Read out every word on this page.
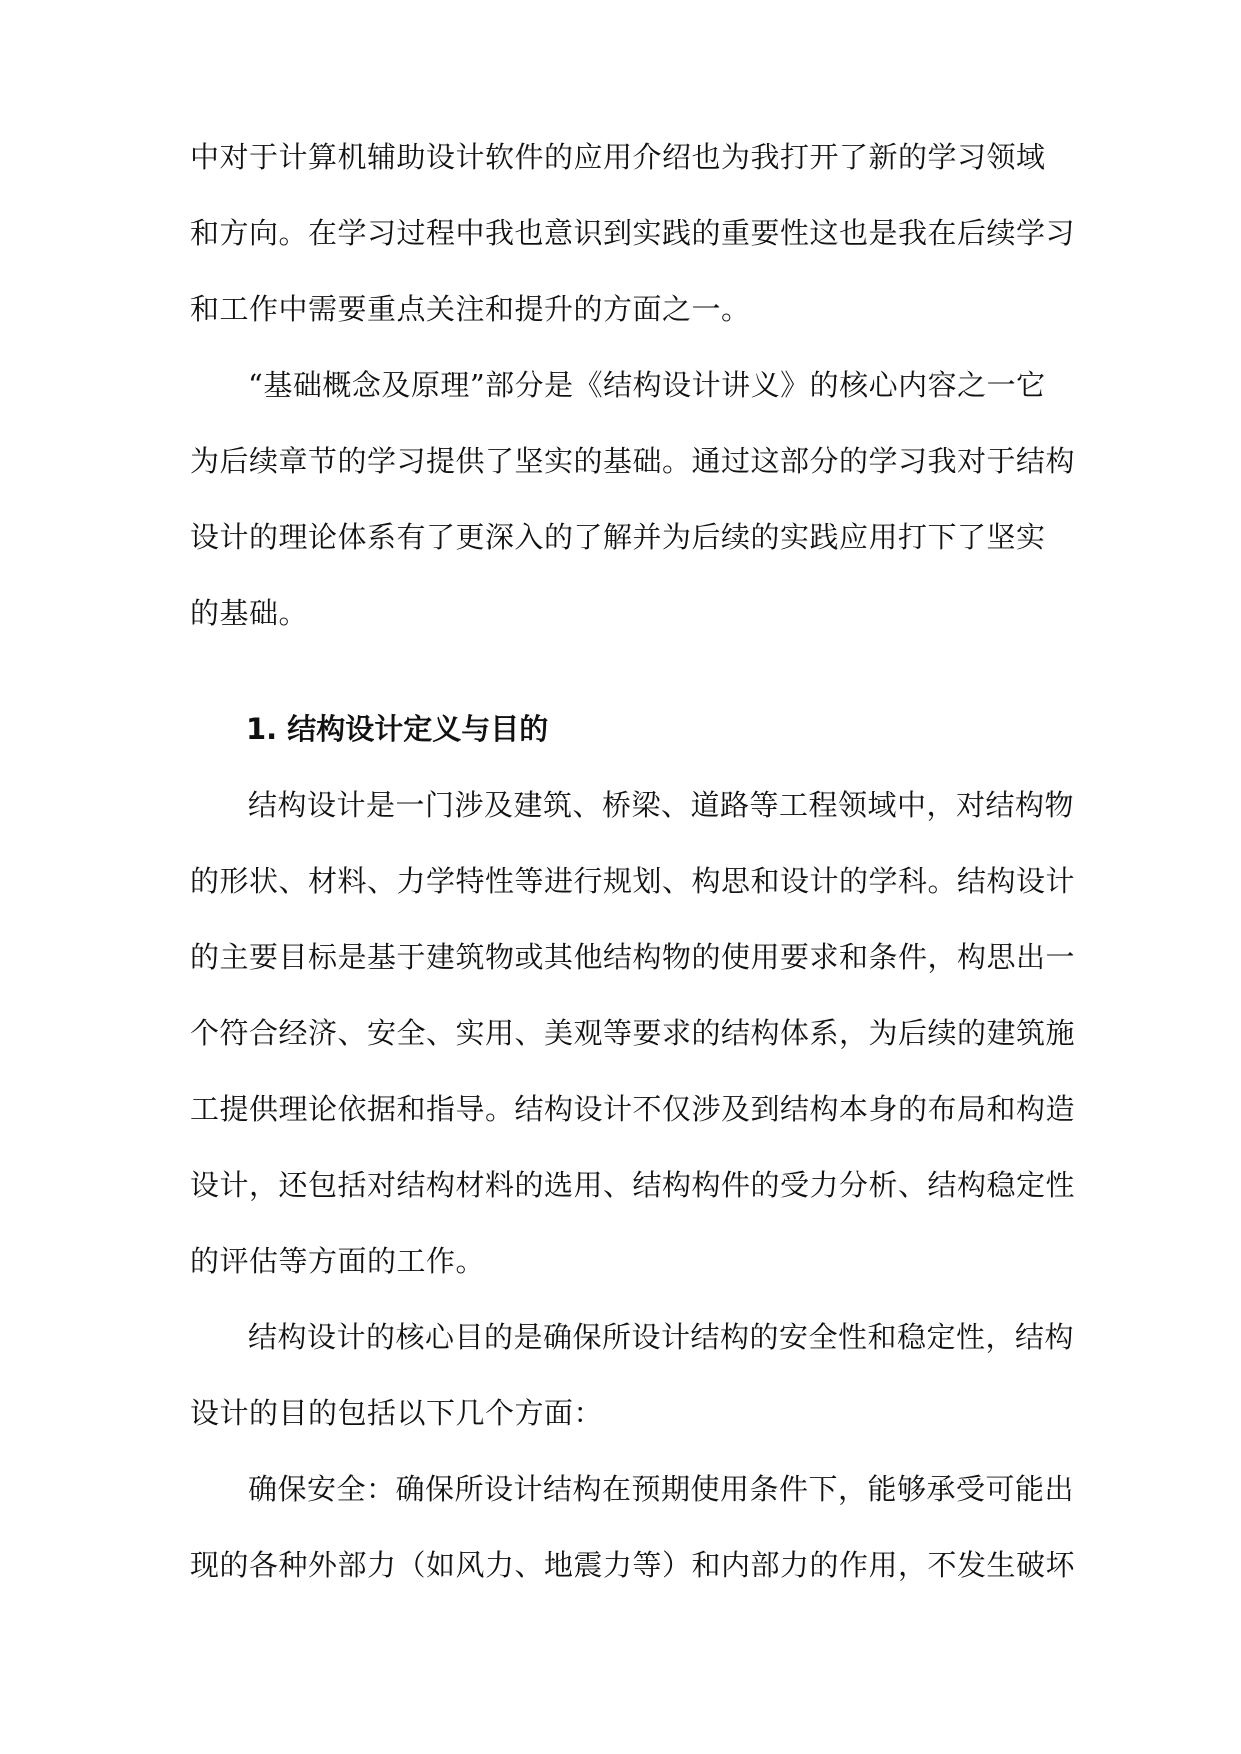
中对于计算机辅助设计软件的应用介绍也为我打开了新的学习领域
和方向。在学习过程中我也意识到实践的重要性这也是我在后续学习
和工作中需要重点关注和提升的方面之一。
“基础概念及原理”部分是《结构设计讲义》的核心内容之一它
为后续章节的学习提供了坚实的基础。通过这部分的学习我对于结构
设计的理论体系有了更深入的了解并为后续的实践应用打下了坚实
的基础。
1. 结构设计定义与目的
结构设计是一门涉及建筑、桥梁、道路等工程领域中，对结构物
的形状、材料、力学特性等进行规划、构思和设计的学科。结构设计
的主要目标是基于建筑物或其他结构物的使用要求和条件，构思出一
个符合经济、安全、实用、美观等要求的结构体系，为后续的建筑施
工提供理论依据和指导。结构设计不仅涉及到结构本身的布局和构造
设计，还包括对结构材料的选用、结构构件的受力分析、结构稳定性
的评估等方面的工作。
结构设计的核心目的是确保所设计结构的安全性和稳定性，结构
设计的目的包括以下几个方面：
确保安全：确保所设计结构在预期使用条件下，能够承受可能出
现的各种外部力（如风力、地震力等）和内部力的作用，不发生破坏
